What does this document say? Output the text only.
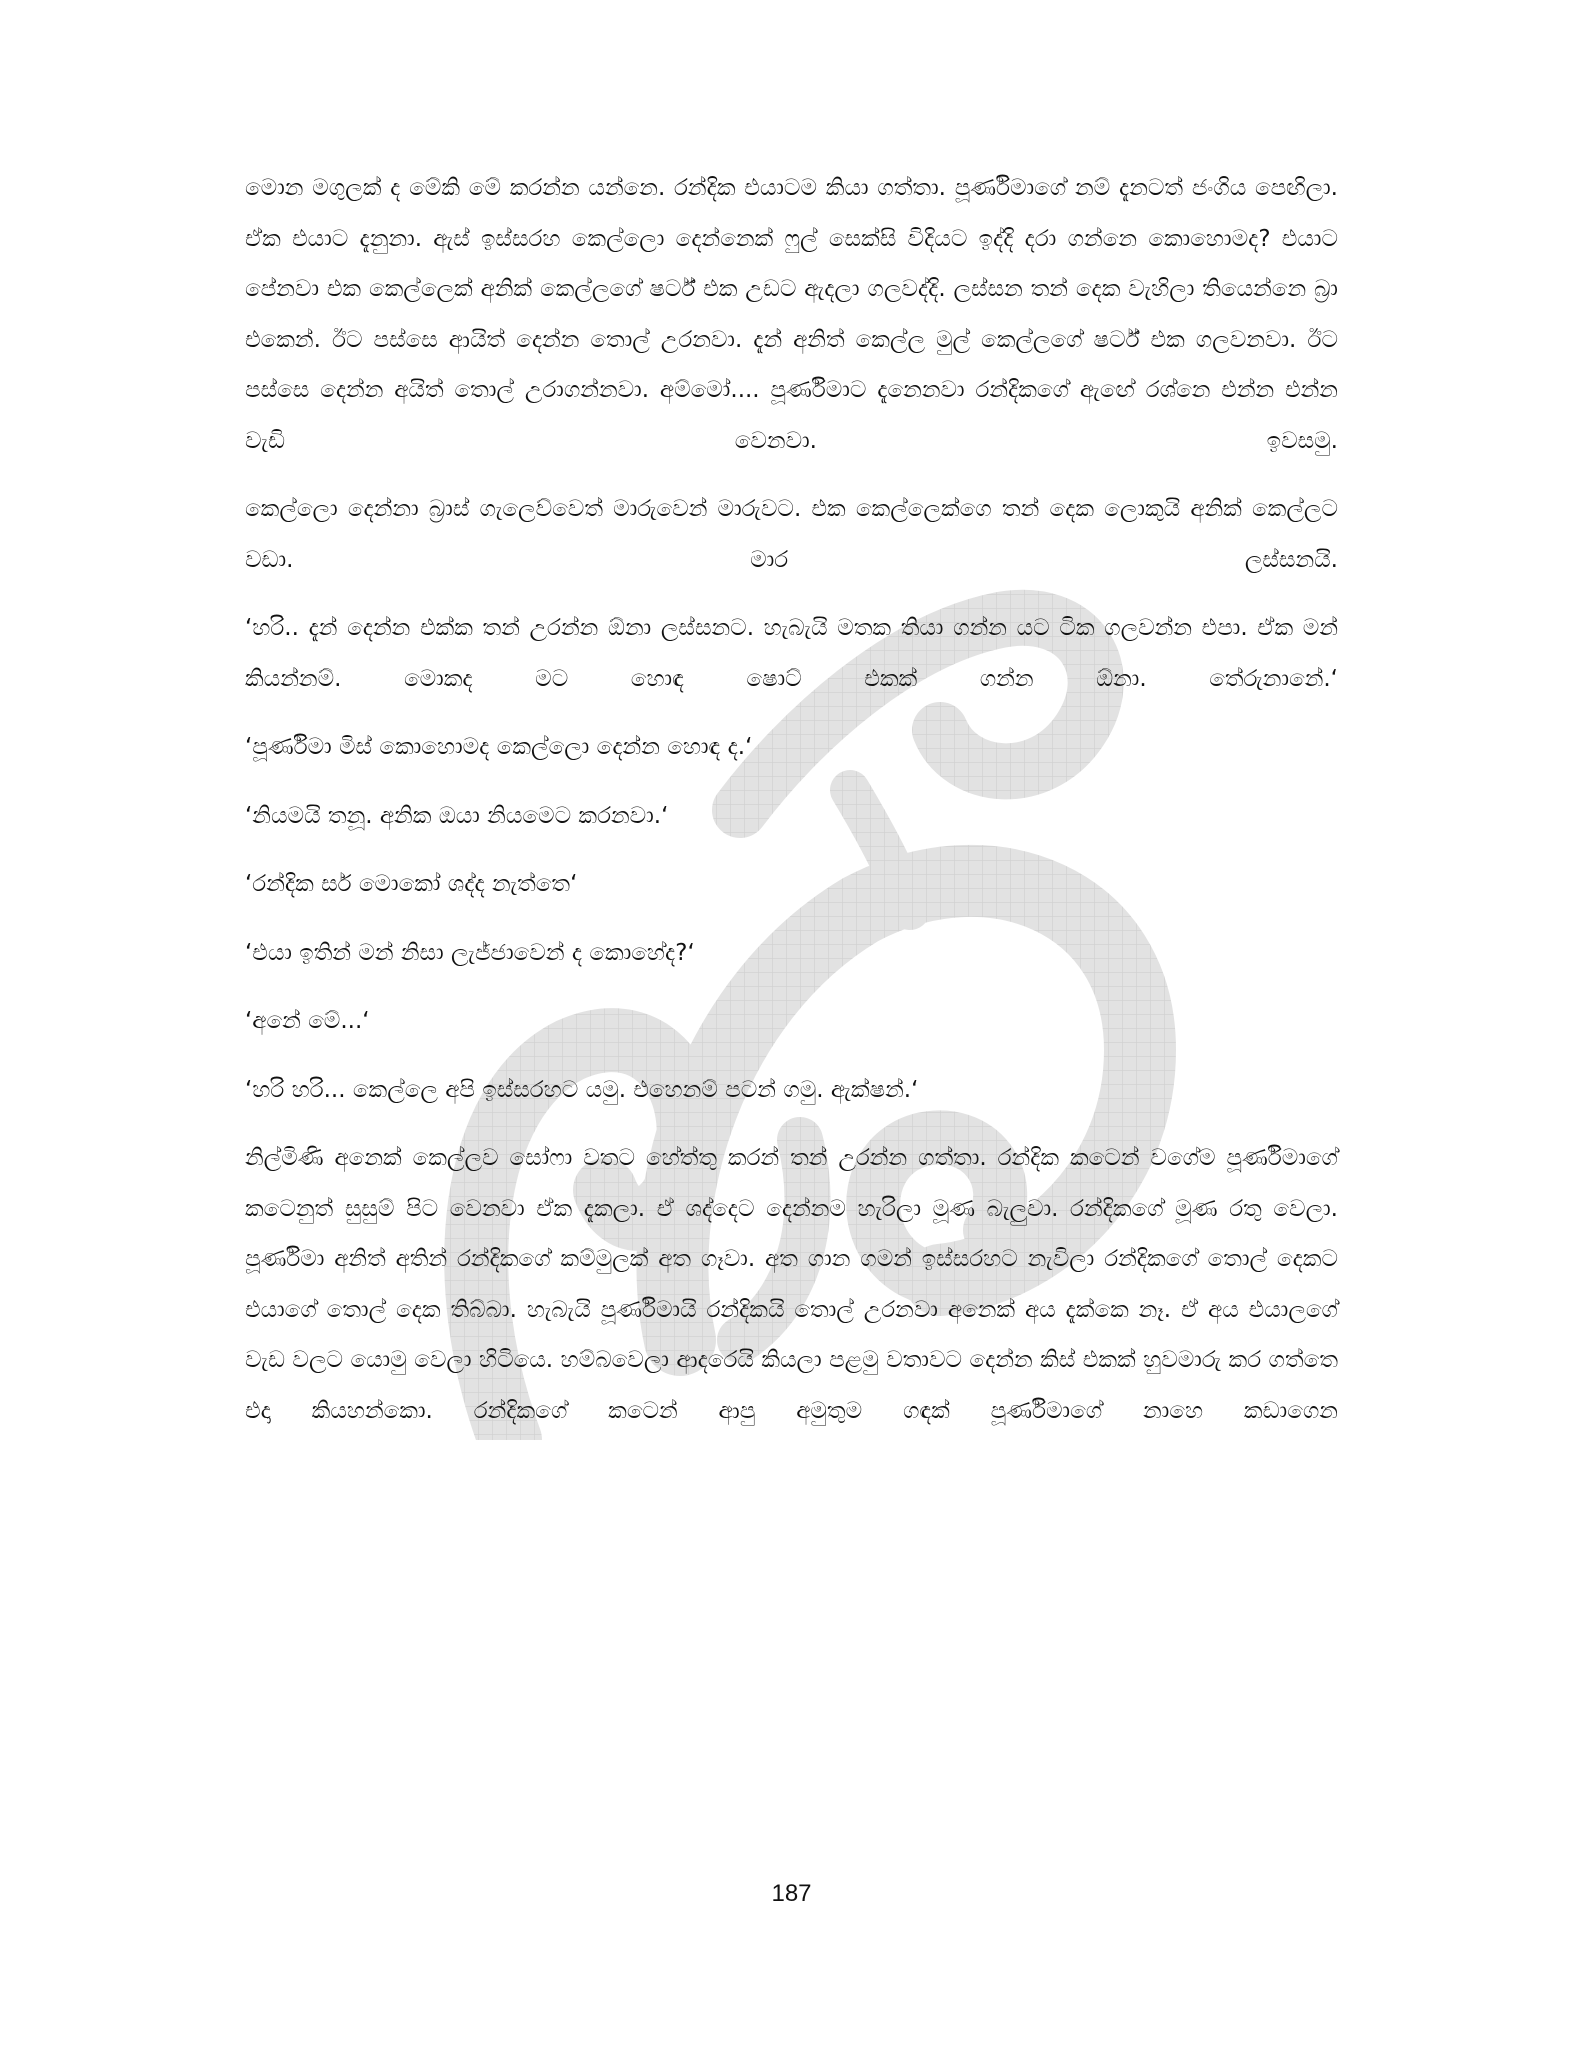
මොන මගුලක් ද මේකි මේ කරන්න යන්නෙ. රන්දික එයාටම කියා ගත්තා. පූර්ණිමාගේ නම් දැනටත් ජංගිය පෙඟිලා. ඒක එයාට දැනුනා. ඇස් ඉස්සරහ කෙල්ලො දෙන්නෙක් ෆුල් සෙක්සි විදියට ඉද්දි දරා ගන්නෙ කොහොමද? එයාට පේනවා එක කෙල්ලෙක් අනික් කෙල්ලගේ ෂර්ට් එක උඩට ඇදලා ගලවද්දි. ලස්සන තන් දෙක වැහිලා තියෙන්නෙ බ්‍රා එකෙන්. ඊට පස්සෙ ආයිත් දෙන්න තොල් උරනවා. දැන් අනිත් කෙල්ල මුල් කෙල්ලගේ ෂර්ට් එක ගලවනවා. ඊට පස්සෙ දෙන්න අයිත් තොල් උරාගන්නවා. අම්මෝ.... පූර්ණිමාට දැනෙනවා රන්දිකගේ ඇඟේ රශ්නෙ එන්න එන්න වැඩි වෙනවා. ඉවසමු.

කෙල්ලො දෙන්නා බ්‍රාස් ගැලෙව්වෙත් මාරුවෙන් මාරුවට. එක කෙල්ලෙක්ගෙ තන් දෙක ලොකුයි අනික් කෙල්ලට වඩා. මාර ලස්සනයි.

‘හරි.. දැන් දෙන්න එක්ක තන් උරන්න ඕනා ලස්සනට. හැබැයි මතක තියා ගන්න යට ටික ගලවන්න එපා. ඒක මන් කියන්නම්. මොකද මට හොඳ ෂොට් එකක් ගන්න ඕනා. තේරුනානේ.‘

‘පූර්ණිමා මිස් කොහොමද කෙල්ලො දෙන්න හොඳ ද.‘

‘නියමයි තනූ. අනික ඔයා නියමෙට කරනවා.‘

‘රන්දික සර් මොකෝ ශද්ද නැත්තෙ‘

‘එයා ඉතින් මන් නිසා ලැජ්ජාවෙන් ද කොහේද?‘

‘අනේ මේ...‘

‘හරි හරි... කෙල්ලෙ අපි ඉස්සරහට යමු. එහෙනම් පටන් ගමු. ඇක්ෂන්.‘

නිල්මිණි අනෙක් කෙල්ලව සෝෆා වතට හේත්තු කරන් තන් උරන්න ගත්තා. රන්දික කටෙන් වගේම පූර්ණිමාගේ කටෙනුත් සුසුම් පිට වෙනවා ඒක දැකලා. ඒ ශද්දෙට දෙන්නම හැරිලා මූණ බැලුවා. රන්දිකගේ මූණ රතු වෙලා. පූර්ණිමා අනිත් අතින් රන්දිකගේ කම්මුලක් අත ගෑවා. අත ගාන ගමන් ඉස්සරහට නැවිලා රන්දිකගේ තොල් දෙකට එයාගේ තොල් දෙක තිබ්බා. හැබැයි පූර්ණිමායි රන්දිකයි තොල් උරනවා අනෙක් අය දැක්කෙ නෑ. ඒ අය එයාලගේ වැඩ වලට යොමු වෙලා හිටියෙ. හම්බවෙලා ආදරෙයි කියලා පළමු වතාවට දෙන්න කිස් එකක් හුවමාරු කර ගත්තෙ එදා කියහන්කො. රන්දිකගේ කටෙන් ආපු අමුතුම ගඳක් පූර්ණිමාගේ නාහෙ කඩාගෙන

187
